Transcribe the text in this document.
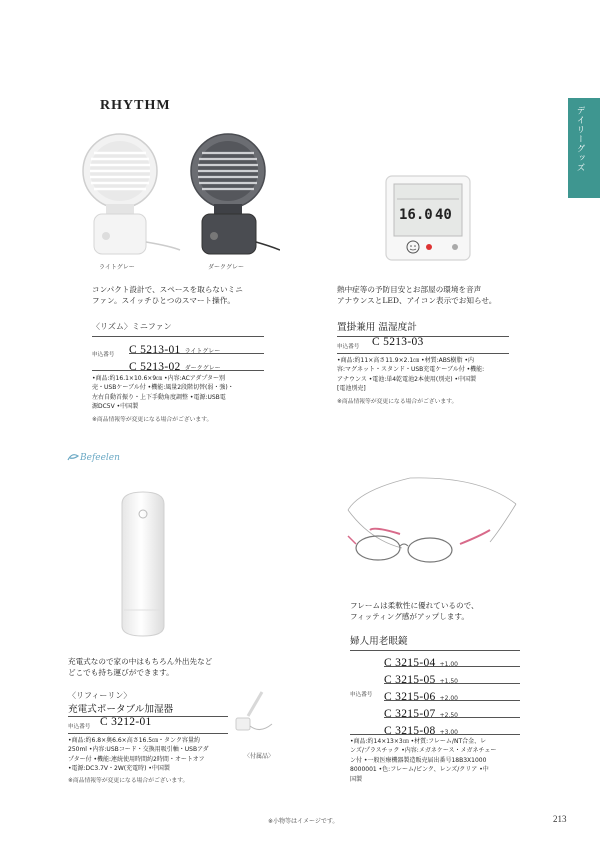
RHYTHM
デイリーグッズ
ライトグレー	ダークグレー
コンパクト設計で、スペースを取らないミニ
ファン。スイッチひとつのスマート操作。
〈リズム〉ミニファン
申込番号 C 5213-01 ライトグレー
C 5213-02 ダークグレー
•商品:約16.1×10.6×9㎝ •内容:ACアダプター別
売・USBケーブル付 •機能:風量2段階切替(弱・強)・
左右自動首振り・上下手動角度調整 •電源:USB電
源DC5V •中国製
※商品情報等が変更になる場合がございます。
16.0 40
熱中症等の予防目安とお部屋の環境を音声
アナウンスとLED、アイコン表示でお知らせ。
置掛兼用 温湿度計
申込番号 C 5213-03
•商品:約11×高さ11.9×2.1㎝ •材質:ABS樹脂 •内
容:マグネット・スタンド・USB充電ケーブル付 •機能:
アナウンス •電池:単4乾電池2本使用(別売) •中国製
[電池別売]
※商品情報等が変更になる場合がございます。
Befeelen
充電式なので家の中はもちろん外出先など
どこでも持ち運びができます。
〈リフィーリン〉
充電式ポータブル加湿器
申込番号 C 3212-01
〈付属品〉
•商品:約6.8×奥6.6×高さ16.5㎝・タンク容量約
250ml •内容:USBコード・交換用吸引軸・USBアダ
プター付 •機能:連続使用時間約2時間・オートオフ
•電源:DC3.7V・2W(充電時) •中国製
※商品情報等が変更になる場合がございます。
フレームは柔軟性に優れているので、
フィッティング感がアップします。
婦人用老眼鏡
申込番号
C 3215-04 +1.00
C 3215-05 +1.50
C 3215-06 +2.00
C 3215-07 +2.50
C 3215-08 +3.00
•商品:約14×13×3㎝ •材質:フレーム/NT合金、レ
ンズ/プラスチック •内容:メガネケース・メガネチェー
ン付 •一般医療機器製造販売届出番号18B3X1000
8000001 •色:フレーム/ピンク、レンズ/クリア •中
国製
※小物等はイメージです。	213
